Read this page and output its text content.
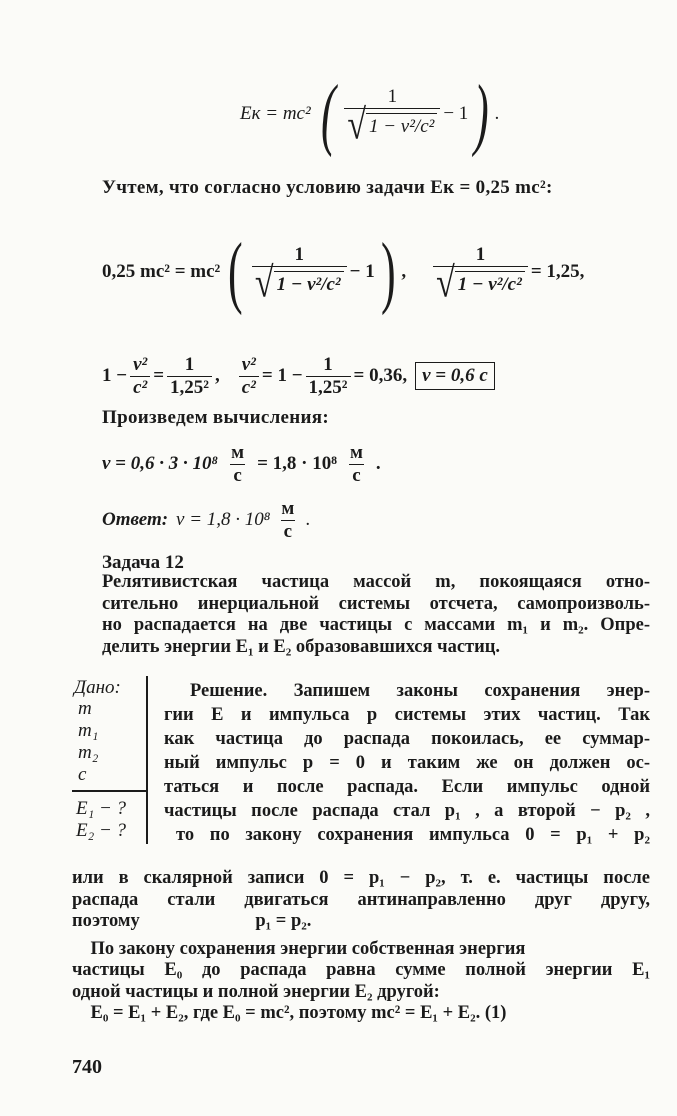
Eк = mc² ( $\frac{1}{\text{√ 1 − v²/c²}} - 1$ ) .
Учтем, что согласно условию задачи Eк = 0,25 mc²:
0,25 mc² = mc² ( $\frac{1}{\text{√ 1 − v²/c²}} - 1$ ) , $\frac{1}{\text{√ 1 − v²/c²}} = 1,25$,
$1 - \frac{\text{v²}}{\text{c²}} = \frac{1}{\text{1,25²}}$ , $\frac{\text{v²}}{\text{c²}} = 1 - \frac{1}{\text{1,25²}} = 0,36$, v = 0,6 c
Произведем вычисления:
$v = 0,6 \cdot 3 \cdot 10^8 \frac{м}{с} = 1,8 \cdot 10^8 \frac{м}{с}$ .
Ответ: $v = 1,8 \cdot 10^8 \frac{м}{с}$ .
Задача 12
Релятивистская частица массой m, покоящаяся отно-
сительно инерциальной системы отсчета, самопроизволь-
но распадается на две частицы с массами m₁ и m₂. Опре-
делить энергии E₁ и E₂ образовавшихся частиц.
Дано:
m
m₁
m₂
c
E₁ − ?
E₂ − ?
Решение. Запишем законы сохранения энер-
гии E и импульса p системы этих частиц. Так
как частица до распада покоилась, ее суммар-
ный импульс p = 0 и таким же он должен ос-
таться и после распада. Если импульс одной
частицы после распада стал p₁ , а второй − p₂ ,
то по закону сохранения импульса 0 = p₁ + p₂
или в скалярной записи 0 = p₁ − p₂, т. е. частицы после
распада стали двигаться антинаправленно друг другу,
поэтому                         p₁ = p₂.
По закону сохранения энергии собственная энергия
частицы E₀ до распада равна сумме полной энергии E₁
одной частицы и полной энергии E₂ другой:
E₀ = E₁ + E₂, где E₀ = mc², поэтому mc² = E₁ + E₂. (1)
740
